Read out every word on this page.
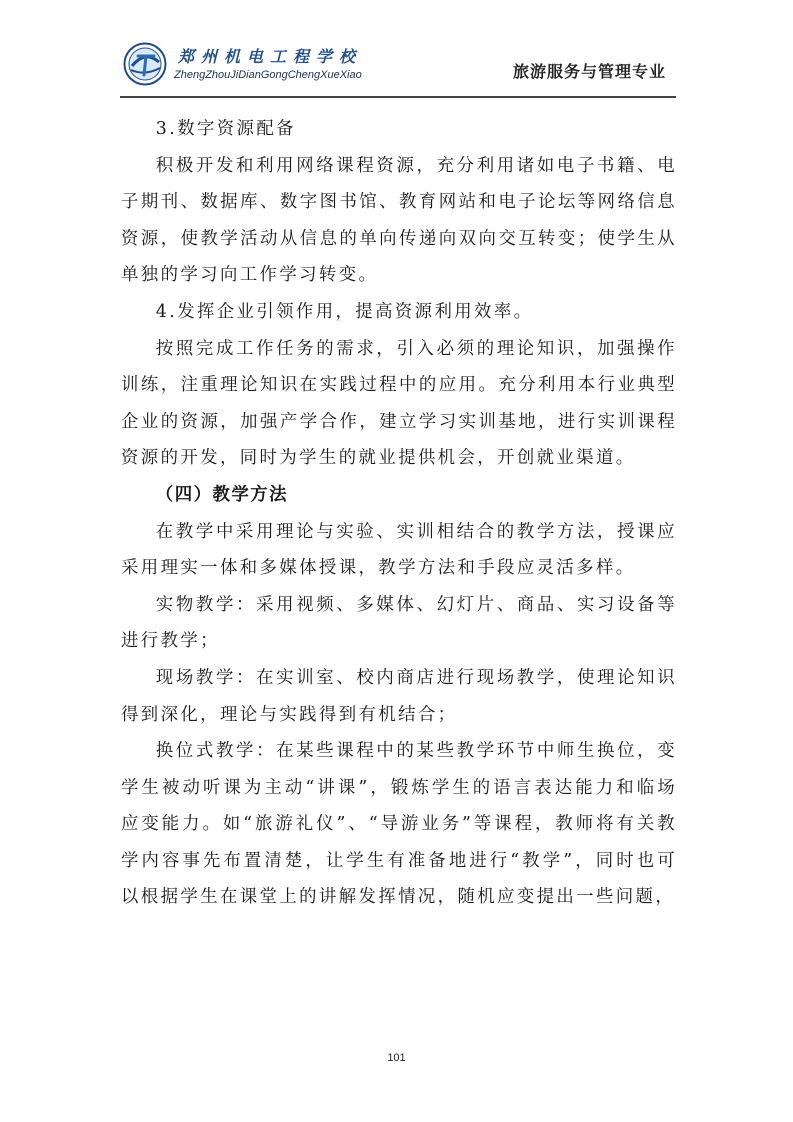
郑州机电工程学校
ZhengZhouJiDianGongChengXueXiao	旅游服务与管理专业

3.数字资源配备

积极开发和利用网络课程资源，充分利用诸如电子书籍、电子期刊、数据库、数字图书馆、教育网站和电子论坛等网络信息资源，使教学活动从信息的单向传递向双向交互转变；使学生从单独的学习向工作学习转变。

4.发挥企业引领作用，提高资源利用效率。

按照完成工作任务的需求，引入必须的理论知识，加强操作训练，注重理论知识在实践过程中的应用。充分利用本行业典型企业的资源，加强产学合作，建立学习实训基地，进行实训课程资源的开发，同时为学生的就业提供机会，开创就业渠道。

（四）教学方法

在教学中采用理论与实验、实训相结合的教学方法，授课应采用理实一体和多媒体授课，教学方法和手段应灵活多样。

实物教学：采用视频、多媒体、幻灯片、商品、实习设备等进行教学；

现场教学：在实训室、校内商店进行现场教学，使理论知识得到深化，理论与实践得到有机结合；

换位式教学：在某些课程中的某些教学环节中师生换位，变学生被动听课为主动“讲课”，锻炼学生的语言表达能力和临场应变能力。如“旅游礼仪”、“导游业务”等课程，教师将有关教学内容事先布置清楚，让学生有准备地进行“教学”，同时也可以根据学生在课堂上的讲解发挥情况，随机应变提出一些问题，

101
